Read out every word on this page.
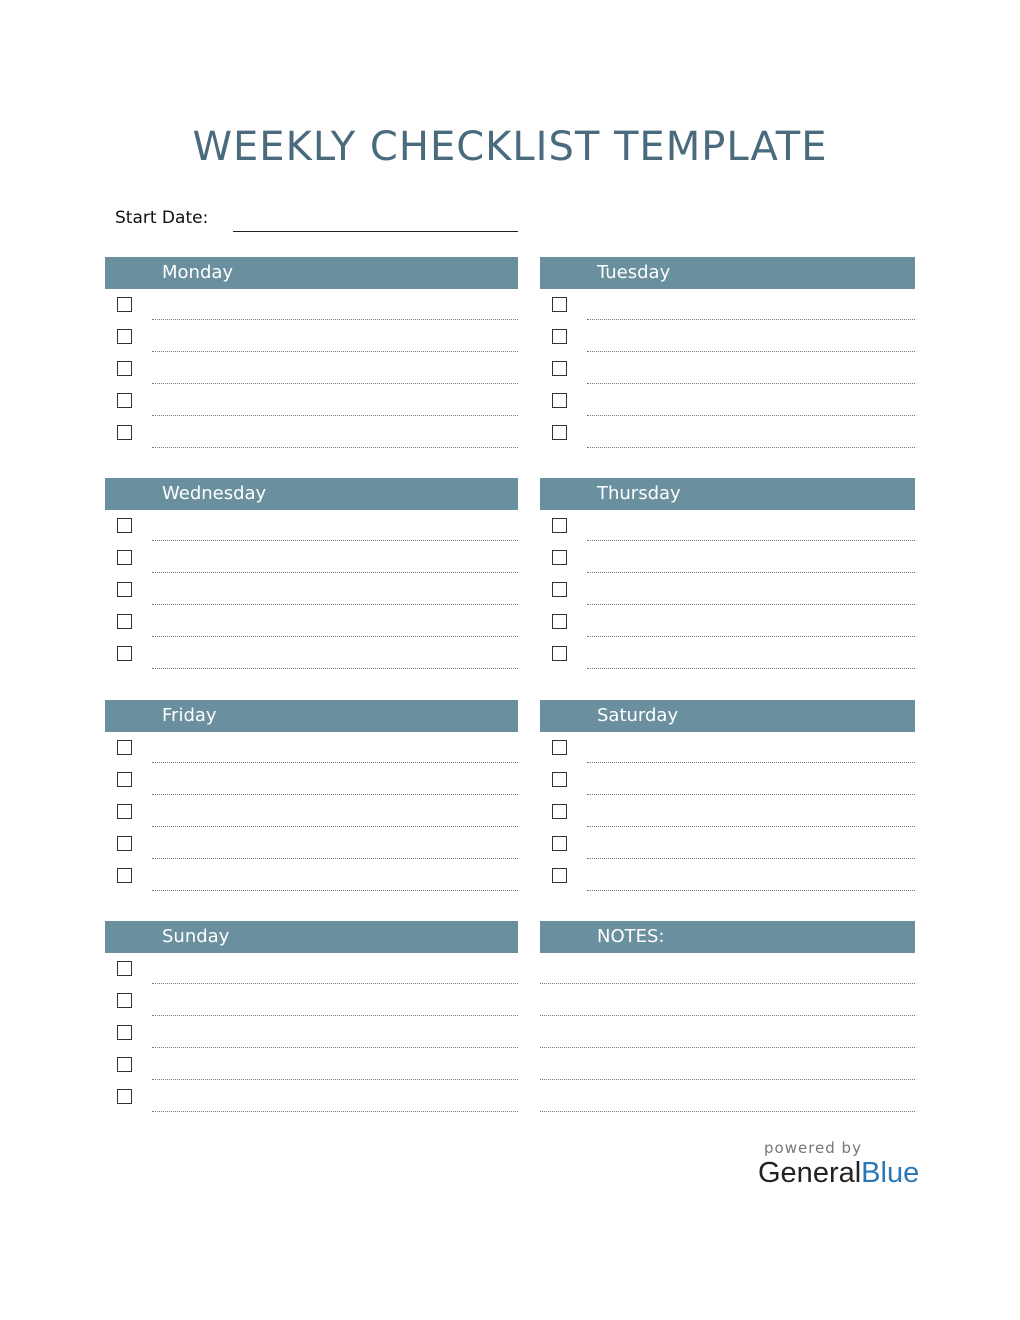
WEEKLY CHECKLIST TEMPLATE
Start Date:
Monday	Tuesday
Wednesday	Thursday
Friday	Saturday
Sunday	NOTES:
powered by
GeneralBlue
